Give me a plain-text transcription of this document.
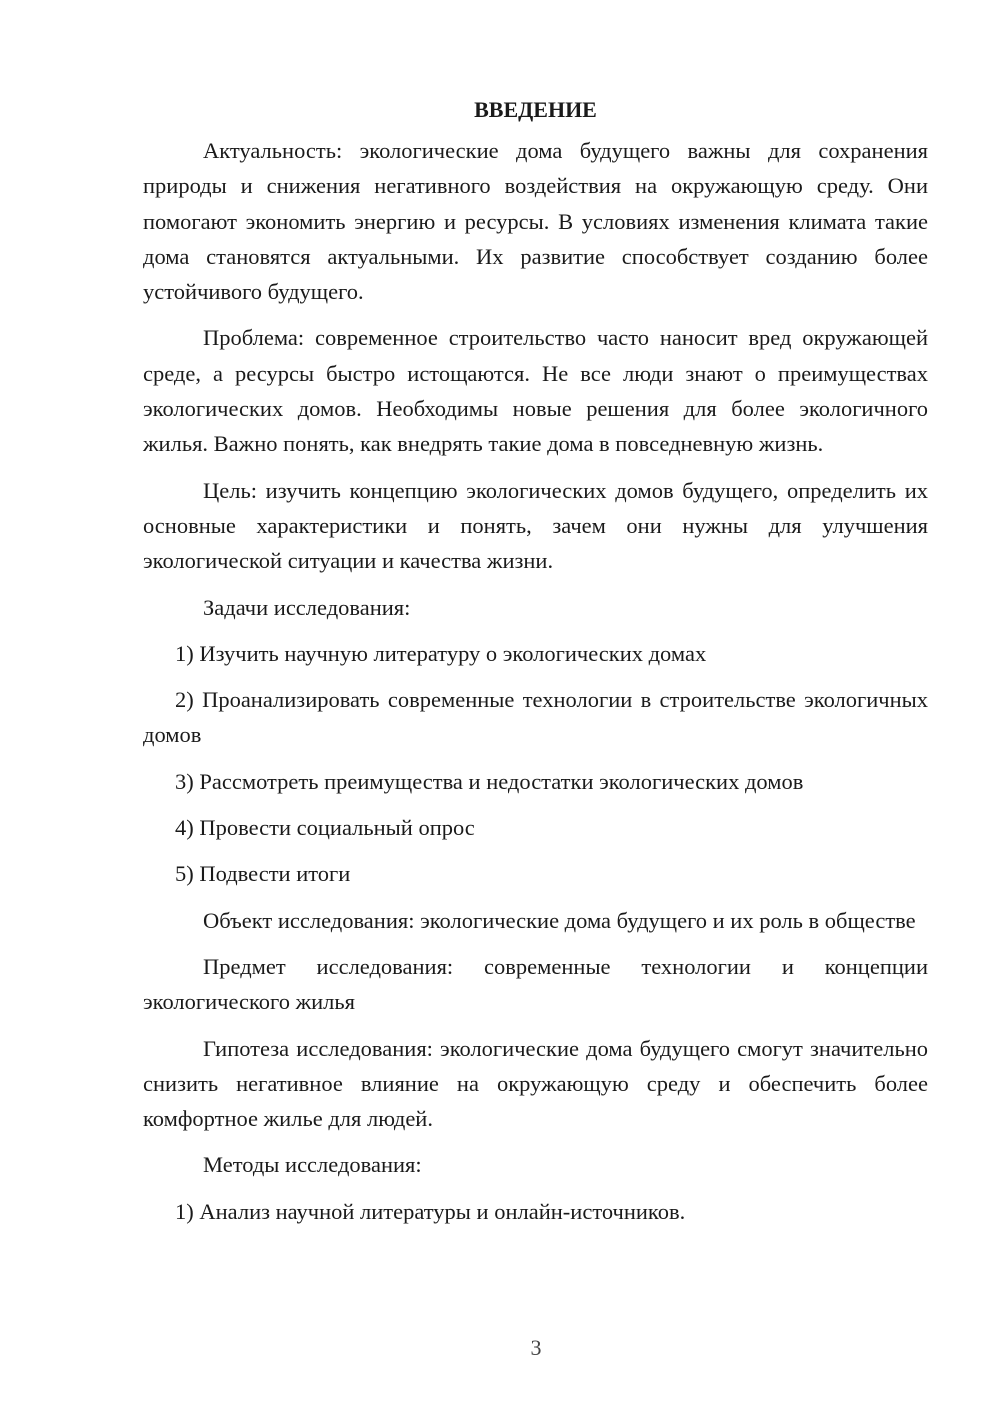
ВВЕДЕНИЕ

Актуальность: экологические дома будущего важны для сохранения природы и снижения негативного воздействия на окружающую среду. Они помогают экономить энергию и ресурсы. В условиях изменения климата такие дома становятся актуальными. Их развитие способствует созданию более устойчивого будущего.

Проблема: современное строительство часто наносит вред окружающей среде, а ресурсы быстро истощаются. Не все люди знают о преимуществах экологических домов. Необходимы новые решения для более экологичного жилья. Важно понять, как внедрять такие дома в повседневную жизнь.

Цель: изучить концепцию экологических домов будущего, определить их основные характеристики и понять, зачем они нужны для улучшения экологической ситуации и качества жизни.

Задачи исследования:

1) Изучить научную литературу о экологических домах

2) Проанализировать современные технологии в строительстве экологичных домов

3) Рассмотреть преимущества и недостатки экологических домов

4) Провести социальный опрос

5) Подвести итоги

Объект исследования: экологические дома будущего и их роль в обществе

Предмет исследования: современные технологии и концепции экологического жилья

Гипотеза исследования: экологические дома будущего смогут значительно снизить негативное влияние на окружающую среду и обеспечить более комфортное жилье для людей.

Методы исследования:

1) Анализ научной литературы и онлайн-источников.

3
